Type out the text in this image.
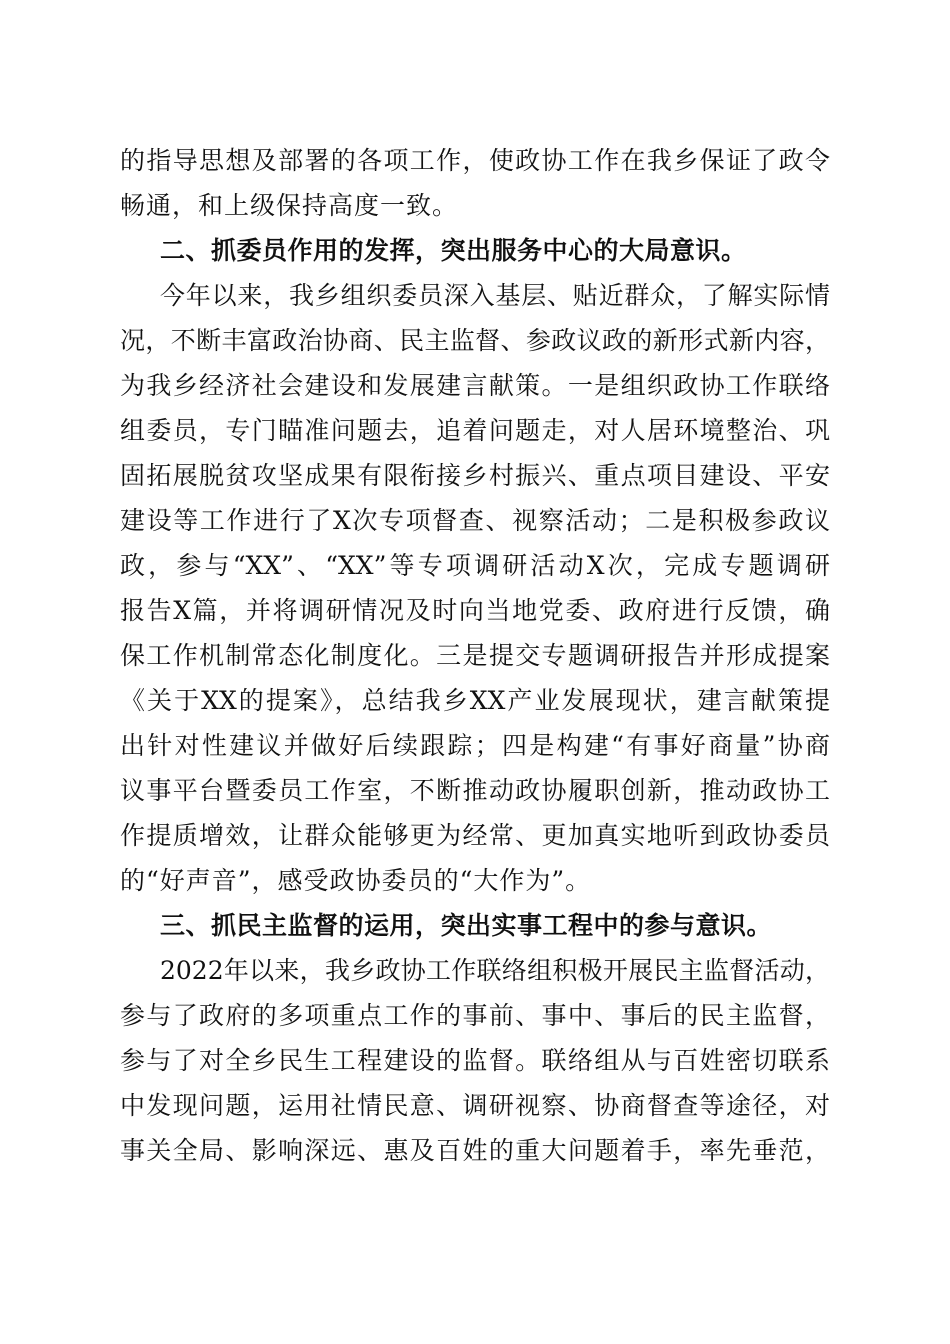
的指导思想及部署的各项工作，使政协工作在我乡保证了政令
畅通，和上级保持高度一致。
二、抓委员作用的发挥，突出服务中心的大局意识。
今年以来，我乡组织委员深入基层、贴近群众，了解实际情
况，不断丰富政治协商、民主监督、参政议政的新形式新内容，
为我乡经济社会建设和发展建言献策。一是组织政协工作联络
组委员，专门瞄准问题去，追着问题走，对人居环境整治、巩
固拓展脱贫攻坚成果有限衔接乡村振兴、重点项目建设、平安
建设等工作进行了X次专项督查、视察活动；二是积极参政议
政，参与“XX”、“XX”等专项调研活动X次，完成专题调研
报告X篇，并将调研情况及时向当地党委、政府进行反馈，确
保工作机制常态化制度化。三是提交专题调研报告并形成提案
《关于XX的提案》，总结我乡XX产业发展现状，建言献策提
出针对性建议并做好后续跟踪；四是构建“有事好商量”协商
议事平台暨委员工作室，不断推动政协履职创新，推动政协工
作提质增效，让群众能够更为经常、更加真实地听到政协委员
的“好声音”，感受政协委员的“大作为”。
三、抓民主监督的运用，突出实事工程中的参与意识。
2022年以来，我乡政协工作联络组积极开展民主监督活动，
参与了政府的多项重点工作的事前、事中、事后的民主监督，
参与了对全乡民生工程建设的监督。联络组从与百姓密切联系
中发现问题，运用社情民意、调研视察、协商督查等途径，对
事关全局、影响深远、惠及百姓的重大问题着手，率先垂范，
